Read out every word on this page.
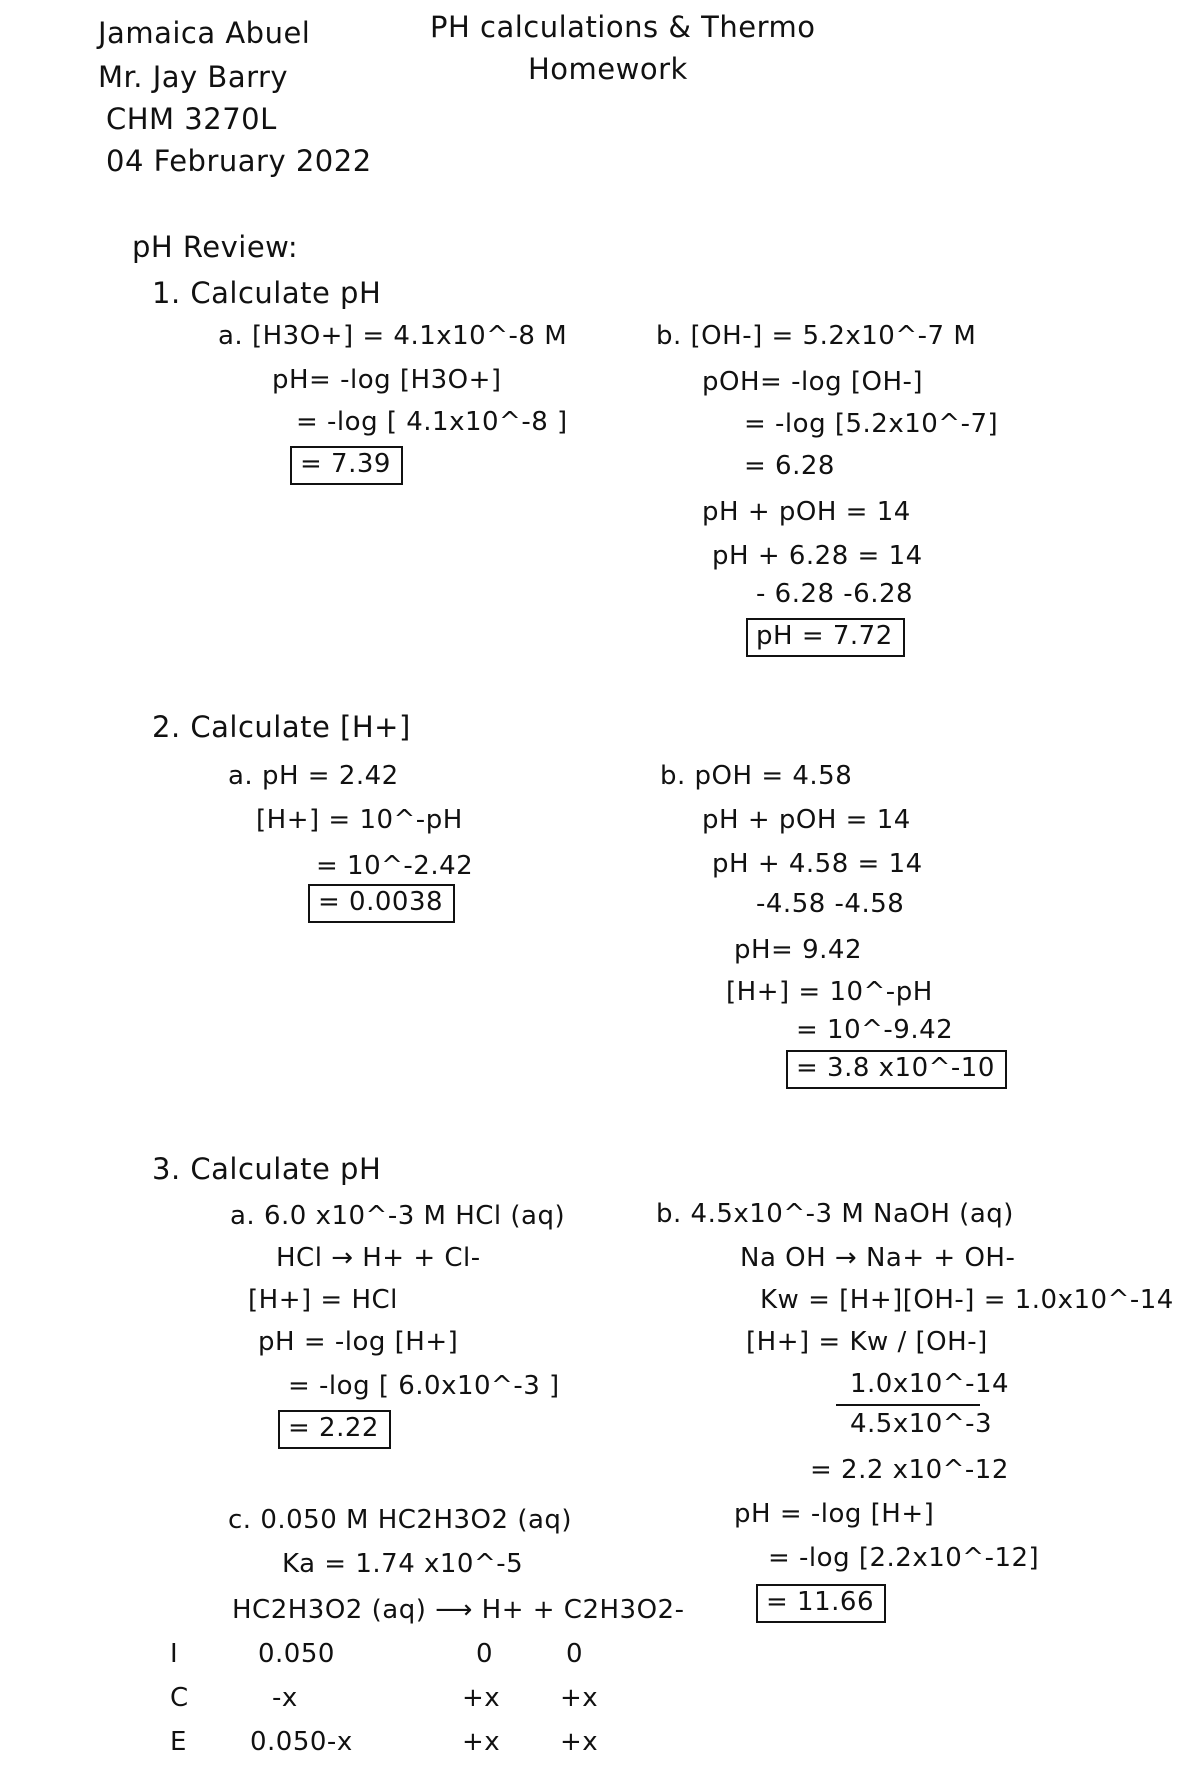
Jamaica Abuel
Mr. Jay Barry
CHM 3270L
04 February 2022
PH calculations & Thermo
Homework
pH Review:
1. Calculate pH
a. [H3O+] = 4.1x10^-8 M
pH= -log [H3O+]
= -log [ 4.1x10^-8 ]
= 7.39
b. [OH-] = 5.2x10^-7 M
pOH= -log [OH-]
= -log [5.2x10^-7]
= 6.28
pH + pOH = 14
pH + 6.28 = 14
- 6.28 -6.28
pH = 7.72
2. Calculate [H+]
a. pH = 2.42
[H+] = 10^-pH
= 10^-2.42
= 0.0038
b. pOH = 4.58
pH + pOH = 14
pH + 4.58 = 14
-4.58 -4.58
pH= 9.42
[H+] = 10^-pH
= 10^-9.42
= 3.8 x10^-10
3. Calculate pH
a. 6.0 x10^-3 M HCl (aq)
HCl → H+ + Cl-
[H+] = HCl
pH = -log [H+]
= -log [ 6.0x10^-3 ]
= 2.22
b. 4.5x10^-3 M NaOH (aq)
Na OH → Na+ + OH-
Kw = [H+][OH-] = 1.0x10^-14
[H+] = Kw / [OH-]
1.0x10^-14
4.5x10^-3
= 2.2 x10^-12
pH = -log [H+]
= -log [2.2x10^-12]
= 11.66
c. 0.050 M HC2H3O2 (aq)
Ka = 1.74 x10^-5
HC2H3O2 (aq) ⟶ H+ + C2H3O2-
I	0.050	0	0
C	-x	+x +x
E 0.050-x	+x +x
